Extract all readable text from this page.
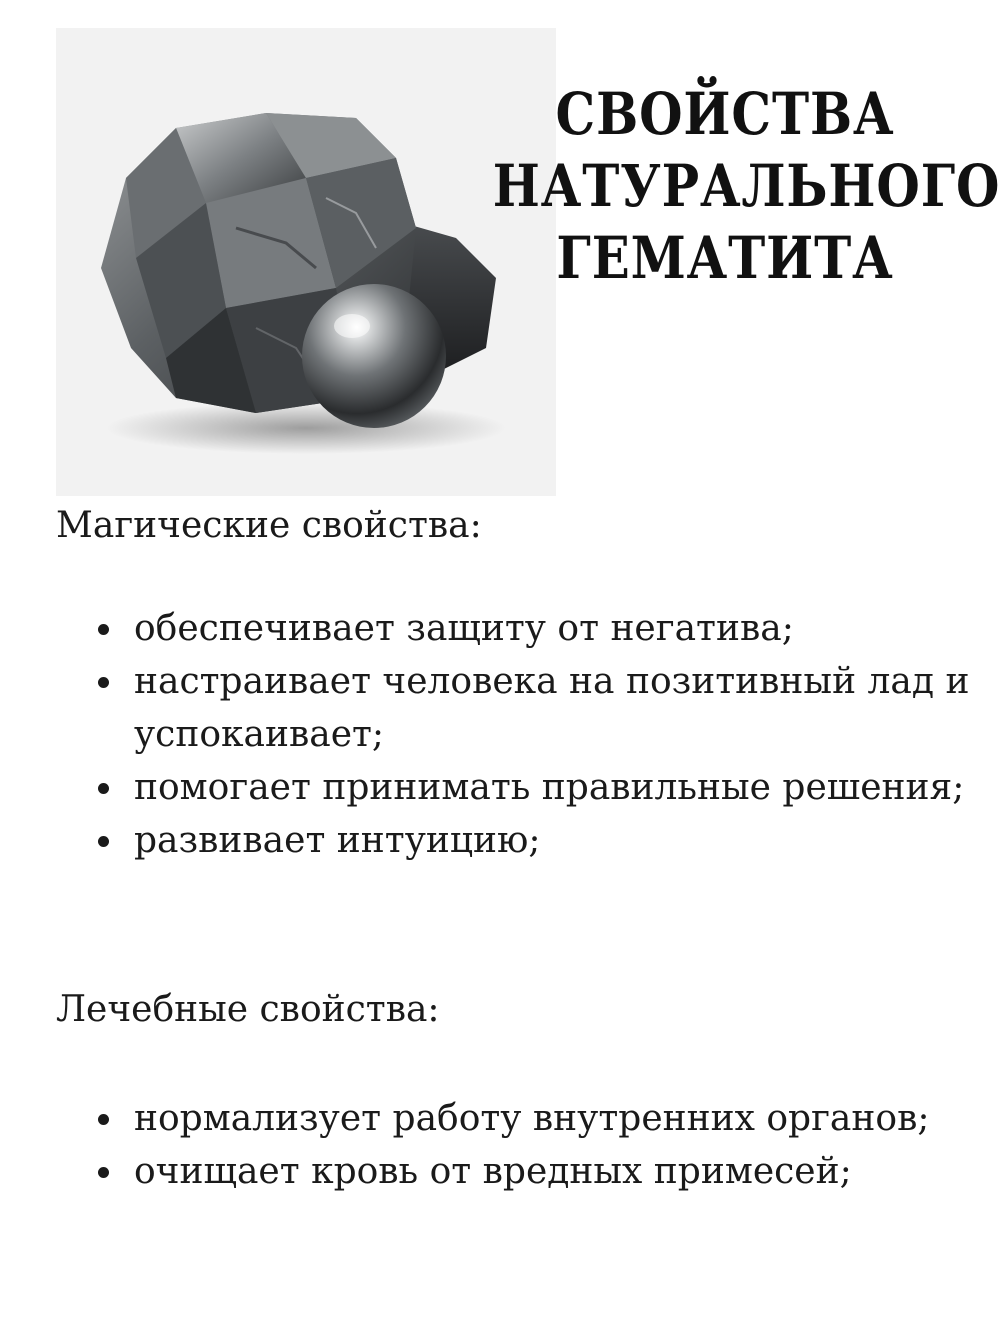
СВОЙСТВА
НАТУРАЛЬНОГО
ГЕМАТИТА
Магические свойства:
обеспечивает защиту от негатива;
настраивает человека на позитивный лад и успокаивает;
помогает принимать правильные решения;
развивает интуицию;
Лечебные свойства:
нормализует работу внутренних органов;
очищает кровь от вредных примесей;
